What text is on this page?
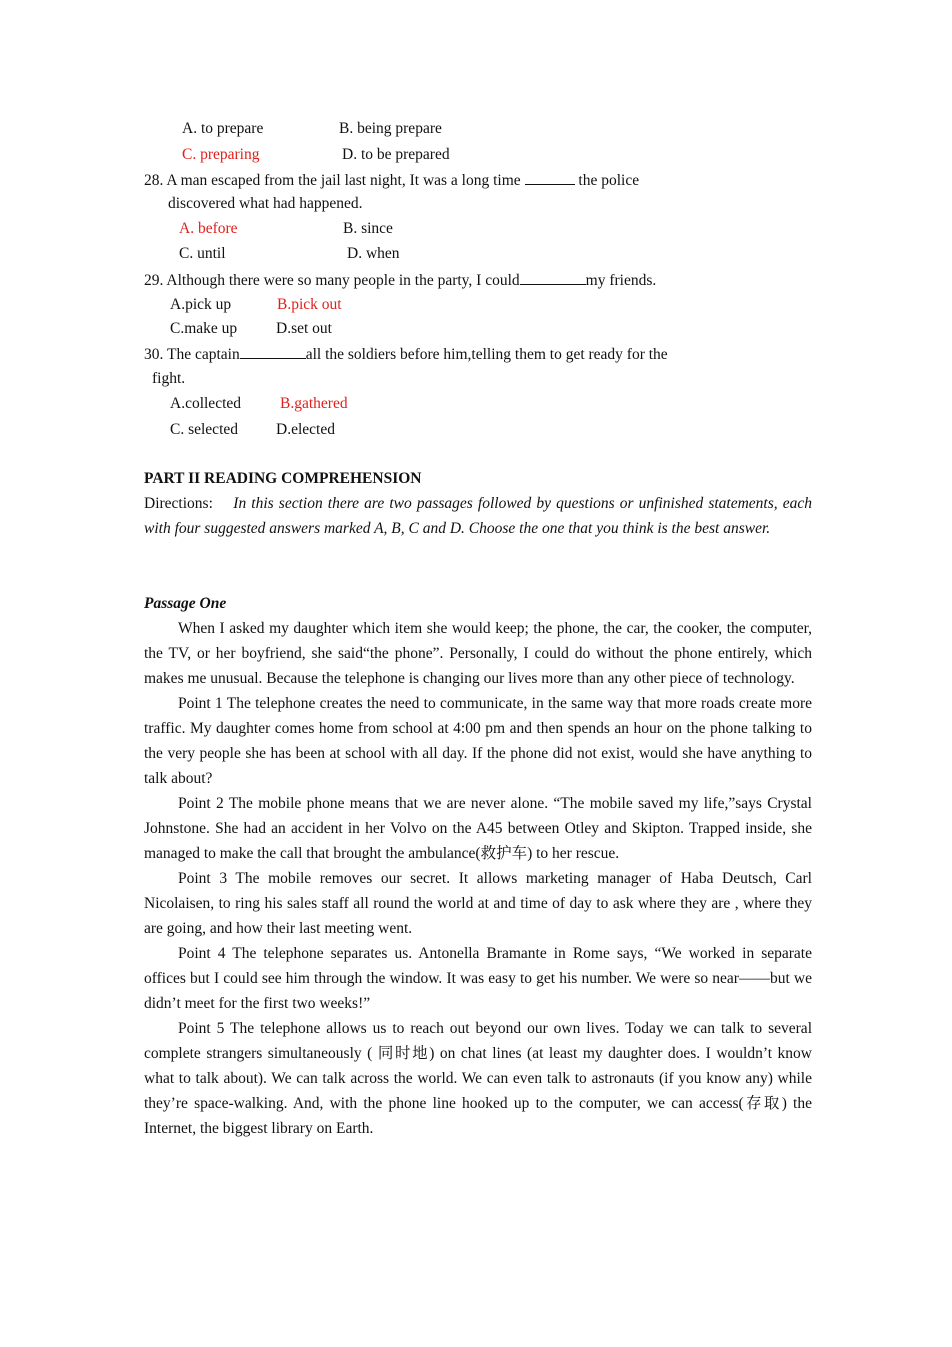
A. to prepare	B. being prepare
C. preparing	D. to be prepared
28. A man escaped from the jail last night, It was a long time	the police
discovered what had happened.
A. before	B. since
C. until	D. when
29. Although there were so many people in the party, I could	my friends.
A.pick up	B.pick out
C.make up	D.set out
30. The captain	all the soldiers before him,telling them to get ready for the
fight.
A.collected	B.gathered
C. selected D.elected
PART II READING COMPREHENSION
Directions: In this section there are two passages followed by questions or unfinished statements, each with four suggested answers marked A, B, C and D. Choose the one that you think is the best answer.
Passage One

When I asked my daughter which item she would keep; the phone, the car, the cooker, the computer, the TV, or her boyfriend, she said“the phone”. Personally, I could do without the phone entirely, which makes me unusual. Because the telephone is changing our lives more than any other piece of technology.

Point 1 The telephone creates the need to communicate, in the same way that more roads create more traffic. My daughter comes home from school at 4:00 pm and then spends an hour on the phone talking to the very people she has been at school with all day. If the phone did not exist, would she have anything to talk about?

Point 2 The mobile phone means that we are never alone. “The mobile saved my life,”says Crystal Johnstone. She had an accident in her Volvo on the A45 between Otley and Skipton. Trapped inside, she managed to make the call that brought the ambulance(救护车) to her rescue.

Point 3 The mobile removes our secret. It allows marketing manager of Haba Deutsch, Carl Nicolaisen, to ring his sales staff all round the world at and time of day to ask where they are , where they are going, and how their last meeting went.

Point 4 The telephone separates us. Antonella Bramante in Rome says, “We worked in separate offices but I could see him through the window. It was easy to get his number. We were so near——but we didn’t meet for the first two weeks!”

Point 5 The telephone allows us to reach out beyond our own lives. Today we can talk to several complete strangers simultaneously ( 同时地) on chat lines (at least my daughter does. I wouldn’t know what to talk about). We can talk across the world. We can even talk to astronauts (if you know any) while they’re space-walking. And, with the phone line hooked up to the computer, we can access(存取) the Internet, the biggest library on Earth.
